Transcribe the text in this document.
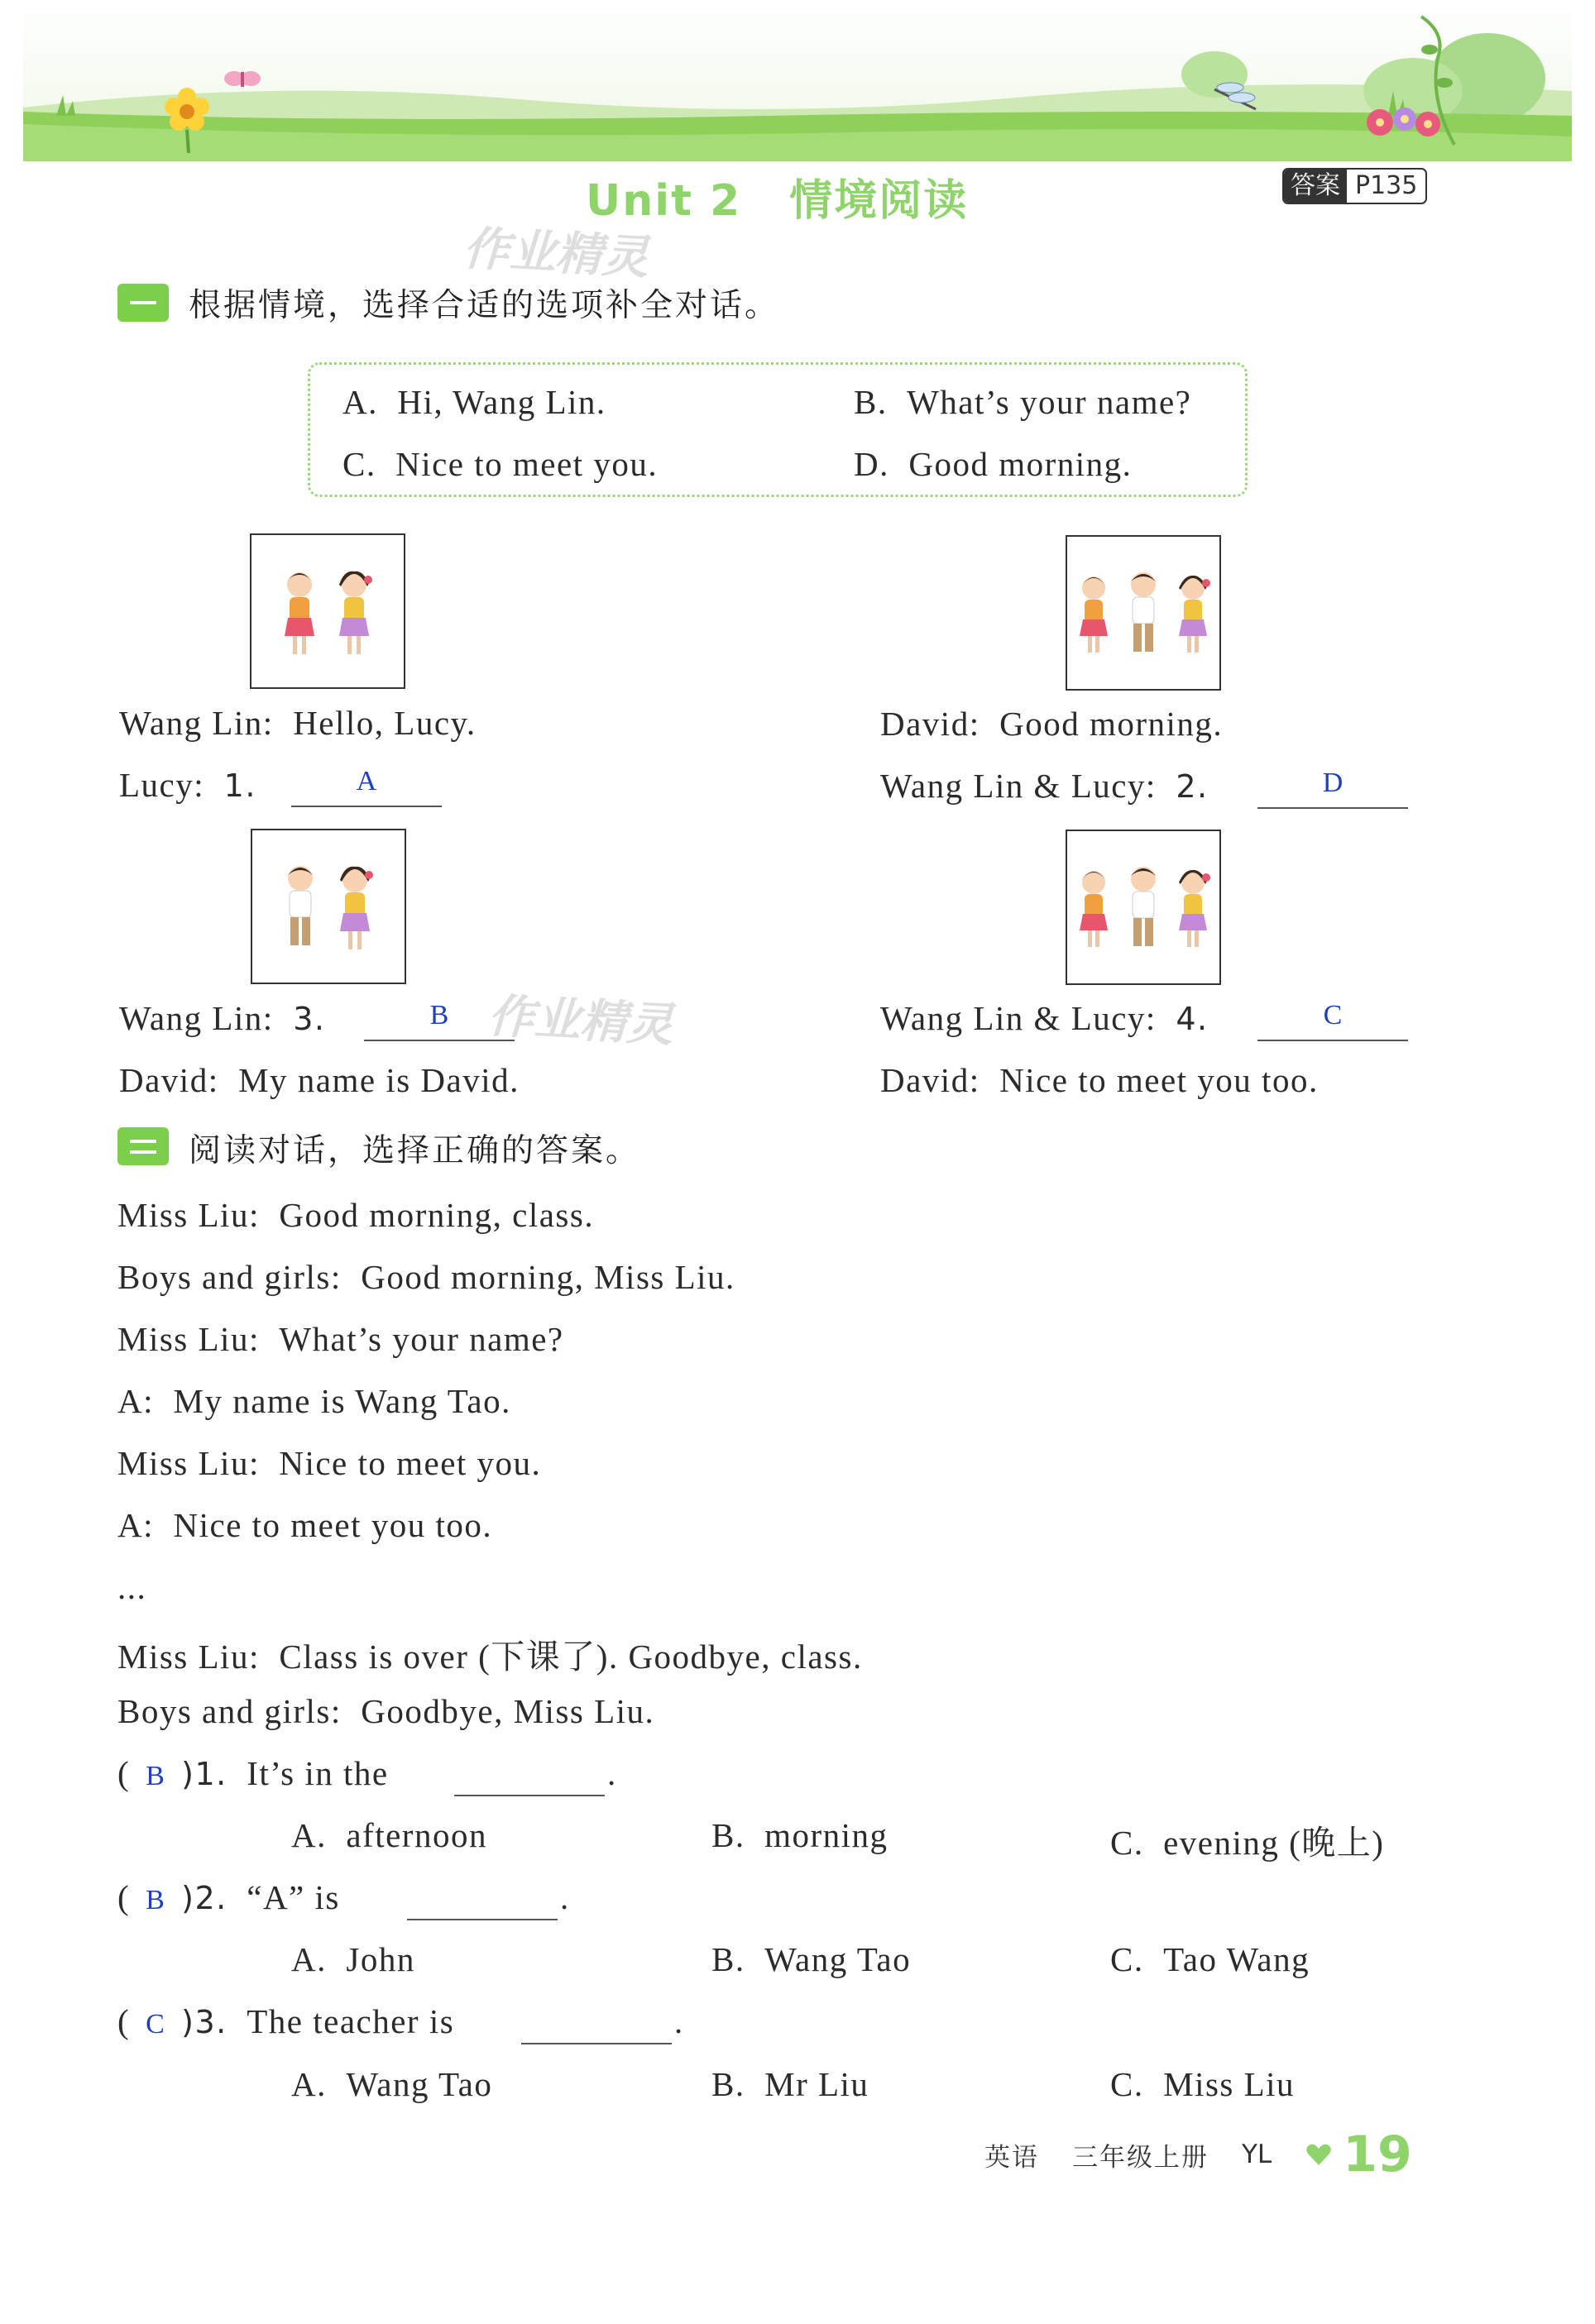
Unit 2 情境阅读	答案 P135
作业精灵
作业精灵
根据情境，选择合适的选项补全对话。
A. Hi, Wang Lin.	B. What’s your name?
C. Nice to meet you.	D. Good morning.
Wang Lin: Hello, Lucy.
Lucy: 1.	A
David: Good morning.
Wang Lin & Lucy: 2.	D
Wang Lin: 3.	B
David: My name is David.
Wang Lin & Lucy: 4.	C
David: Nice to meet you too.
阅读对话，选择正确的答案。
Miss Liu: Good morning, class.
Boys and girls: Good morning, Miss Liu.
Miss Liu: What’s your name?
A: My name is Wang Tao.
Miss Liu: Nice to meet you.
A: Nice to meet you too.
...
Miss Liu: Class is over (下课了). Goodbye, class.
Boys and girls: Goodbye, Miss Liu.
( B )1. It’s in the	.
A. afternoon	B. morning	C. evening (晚上)
( B )2. “A” is	.
A. John	B. Wang Tao	C. Tao Wang
( C )3. The teacher is	.
A. Wang Tao	B. Mr Liu	C. Miss Liu
英语 三年级上册 YL 19
